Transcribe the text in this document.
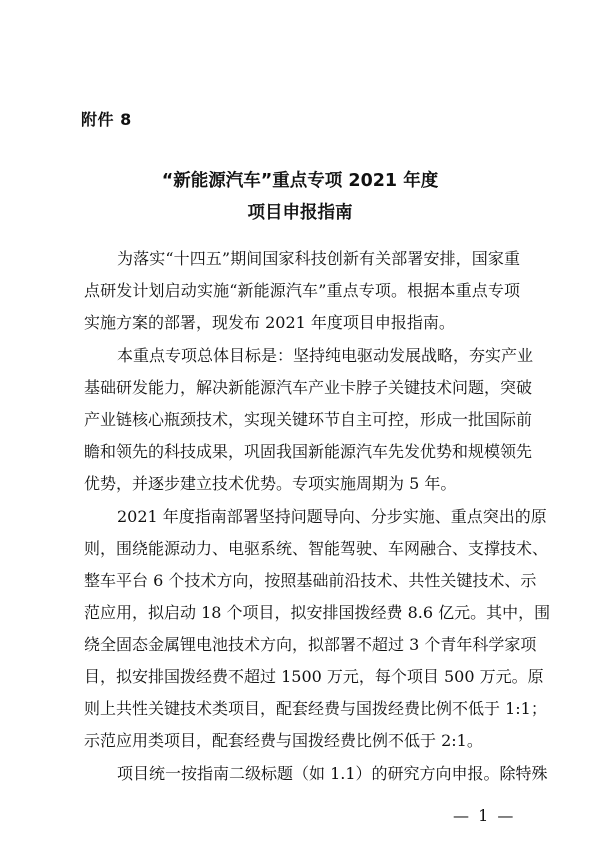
附件 8
“新能源汽车”重点专项 2021 年度
项目申报指南
为落实“十四五”期间国家科技创新有关部署安排，国家重
点研发计划启动实施“新能源汽车”重点专项。根据本重点专项
实施方案的部署，现发布 2021 年度项目申报指南。
本重点专项总体目标是：坚持纯电驱动发展战略，夯实产业
基础研发能力，解决新能源汽车产业卡脖子关键技术问题，突破
产业链核心瓶颈技术，实现关键环节自主可控，形成一批国际前
瞻和领先的科技成果，巩固我国新能源汽车先发优势和规模领先
优势，并逐步建立技术优势。专项实施周期为 5 年。
2021 年度指南部署坚持问题导向、分步实施、重点突出的原
则，围绕能源动力、电驱系统、智能驾驶、车网融合、支撑技术、
整车平台 6 个技术方向，按照基础前沿技术、共性关键技术、示
范应用，拟启动 18 个项目，拟安排国拨经费 8.6 亿元。其中，围
绕全固态金属锂电池技术方向，拟部署不超过 3 个青年科学家项
目，拟安排国拨经费不超过 1500 万元，每个项目 500 万元。原
则上共性关键技术类项目，配套经费与国拨经费比例不低于 1:1；
示范应用类项目，配套经费与国拨经费比例不低于 2:1。
项目统一按指南二级标题（如 1.1）的研究方向申报。除特殊
— 1 —
